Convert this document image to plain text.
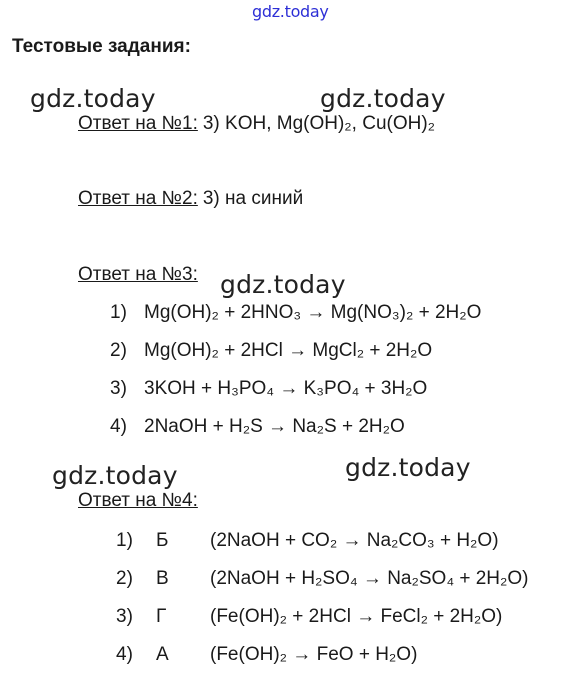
gdz.today
Тестовые задания:
gdz.today	gdz.today
Ответ на №1: 3) KOH, Mg(OH)₂, Cu(OH)₂
Ответ на №2: 3) на синий
Ответ на №3: gdz.today
1) Mg(OH)₂ + 2HNO₃ → Mg(NO₃)₂ + 2H₂O
2) Mg(OH)₂ + 2HCl → MgCl₂ + 2H₂O
3) 3KOH + H₃PO₄ → K₃PO₄ + 3H₂O
4) 2NaOH + H₂S → Na₂S + 2H₂O
gdz.today	gdz.today
Ответ на №4:
1) Б (2NaOH + CO₂ → Na₂CO₃ + H₂O)
2) В (2NaOH + H₂SO₄ → Na₂SO₄ + 2H₂O)
3) Г (Fe(OH)₂ + 2HCl → FeCl₂ + 2H₂O)
4) А (Fe(OH)₂ → FeO + H₂O)
